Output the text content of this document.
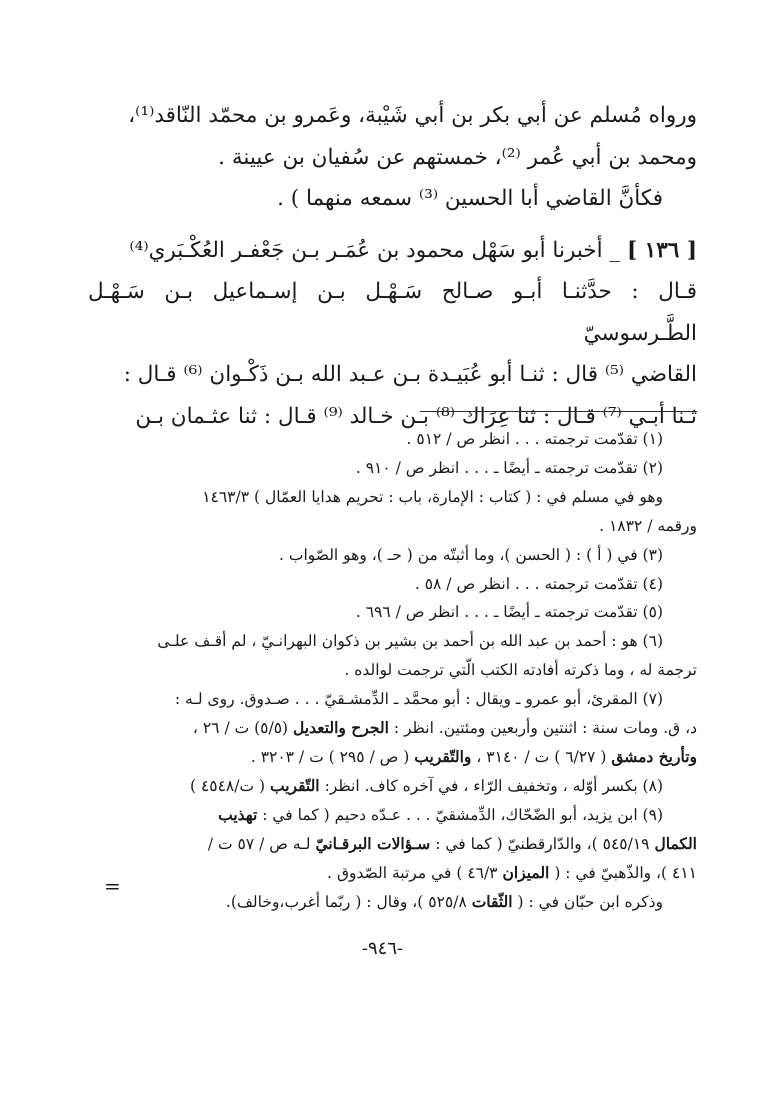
ورواه مُسلم عن أبي بكر بن أبي شَيْبة، وعَمرو بن محمّد النّاقد⁽¹⁾،

ومحمد بن أبي عُمر ⁽²⁾، خمستهم عن سُفيان بن عيينة .

فكأنَّ القاضي أبا الحسين ⁽³⁾ سمعه منهما ) .

[ ١٣٦ ] _ أخبرنا أبو سَهْل محمود بن عُمَـر بـن جَعْفـر العُكْـبَري⁽⁴⁾

قـال : حدَّثنـا أبـو صـالح سَـهْـل بـن إسـماعيل بـن سَـهْـل الطَّـرسوسيّ

القاضي ⁽⁵⁾ قال : ثنـا أبو عُبَيـدة بـن عـبد الله بـن ذَكْـوان ⁽⁶⁾ قـال :

ثـنا أبـي ⁽⁷⁾ قـال : ثنا عِرَاك ⁽⁸⁾ بـن خـالد ⁽⁹⁾ قـال : ثنا عثـمان بـن

(١) تقدّمت ترجمته . . . انظر ص / ٥١٢ .

(٢) تقدّمت ترجمته ـ أيضًا ـ . . . انظر ص / ٩١٠ .

وهو في مسلم في : ( كتاب : الإمارة، باب : تحريم هدايا العمّال ) ١٤٦٣/٣

ورقمه / ١٨٣٢ .

(٣) في ( أ ) : ( الحسن )، وما أثبتّه من ( حـ )، وهو الصّواب .

(٤) تقدّمت ترجمته . . . انظر ص / ٥٨ .

(٥) تقدّمت ترجمته ـ أيضًا ـ . . . انظر ص / ٦٩٦ .

(٦) هو : أحمد بن عبد الله بن أحمد بن بشير بن ذكوان البهرانـيّ ، لم أقـف علـى

ترجمة له ، وما ذكرته أفادته الكتب الّتي ترجمت لوالده .

(٧) المقرئ، أبو عمرو ـ ويقال : أبو محمَّد ـ الدِّمشـقيّ . . . صـدوق. روى لـه :

د، ق. ومات سنة : اثنتين وأربعين ومئتين. انظر : الجرح والتعديل (٥/٥) ت / ٢٦ ،

وتأريخ دمشق ( ٦/٢٧ ) ت / ٣١٤٠ ، والتّقريب ( ص / ٢٩٥ ) ت / ٣٢٠٣ .

(٨) بكسر أوّله ، وتخفيف الرّاء ، في آخره كاف. انظر: التّقريب ( ت/٤٥٤٨ )

(٩) ابن يزيد، أبو الضّحّاك، الدِّمشقيّ . . . عـدّه دحيم ( كما في : تهذيب

الكمال ٥٤٥/١٩ )، والدّارقطنيّ ( كما في : سـؤالات البرقـانيّ لـه ص / ٥٧ ت /

٤١١ )، والذّهبيّ في : ( الميزان ٤٦/٣ ) في مرتبة الصّدوق .

وذكره ابن حبّان في : ( الثّقات ٥٢٥/٨ )، وقال : ( ربّما أغرب،وخالف).

=
-٩٤٦-
